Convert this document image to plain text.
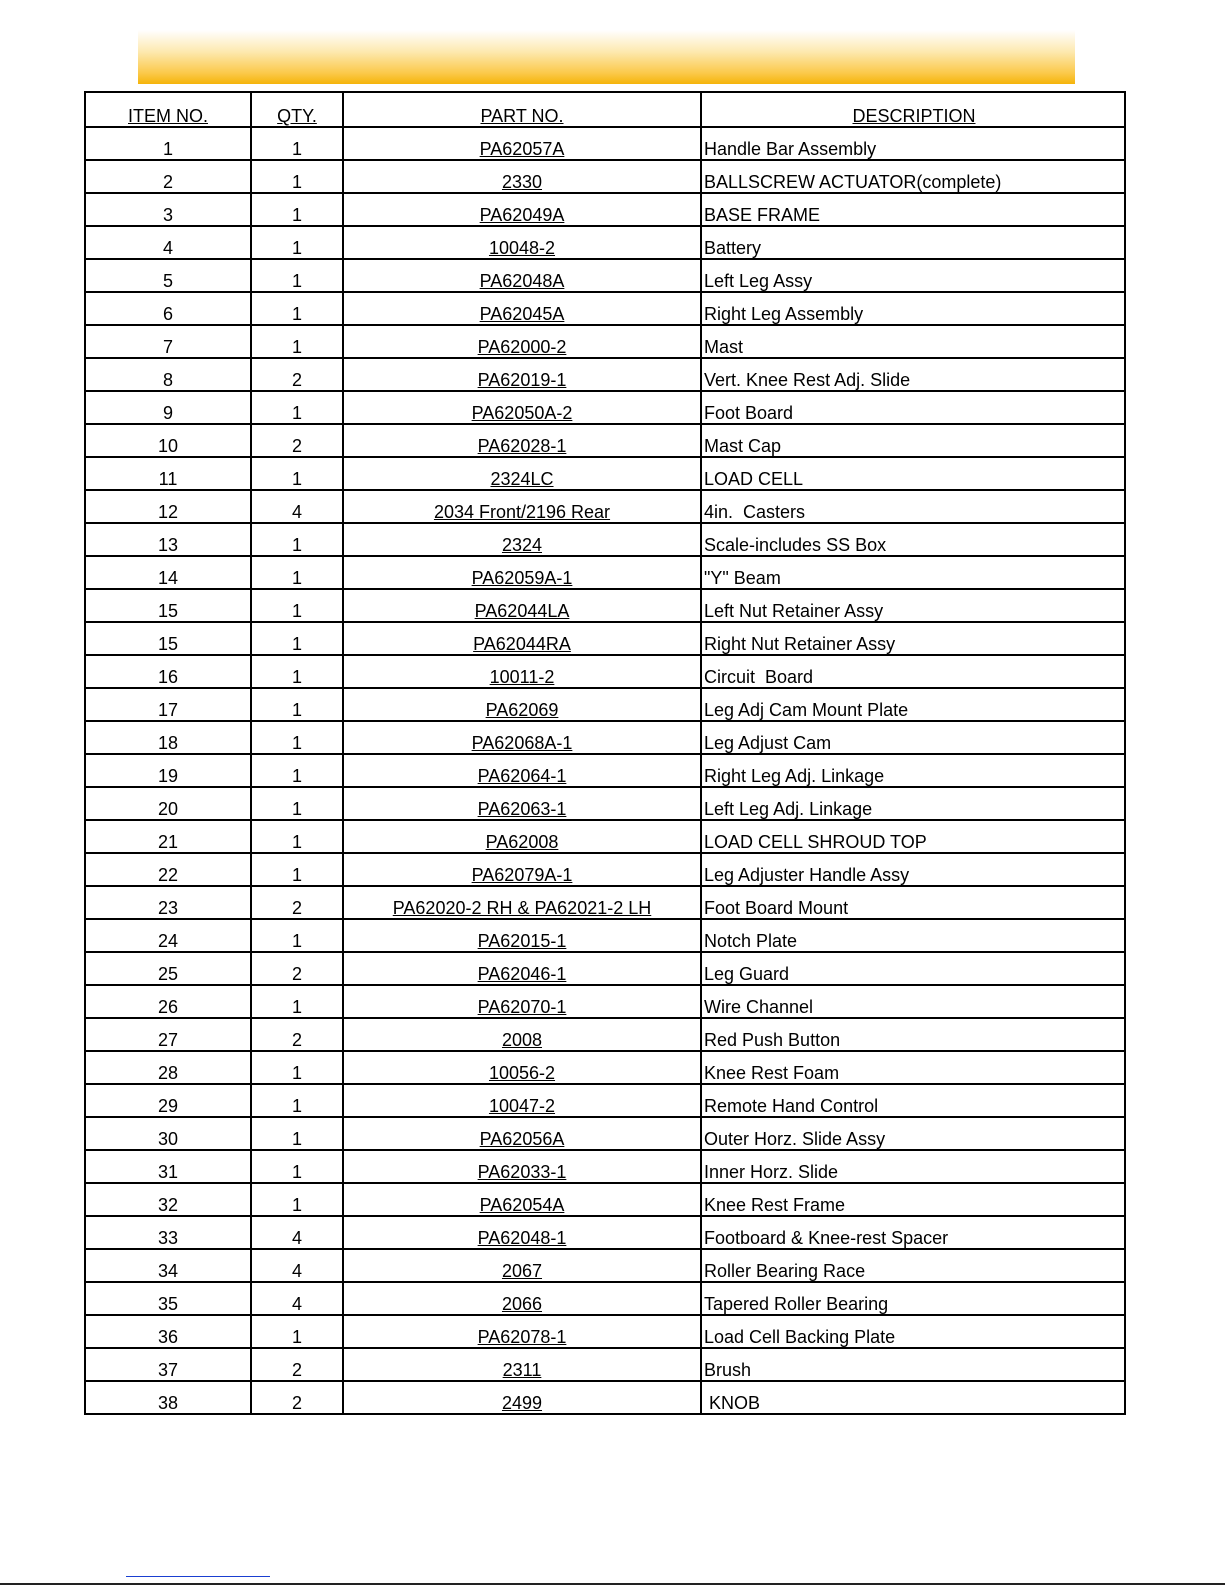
ITEM NO.	QTY.	PART NO.	DESCRIPTION
1	1	PA62057A	Handle Bar Assembly
2	1	2330	BALLSCREW ACTUATOR(complete)
3	1	PA62049A	BASE FRAME
4	1	10048-2	Battery
5	1	PA62048A	Left Leg Assy
6	1	PA62045A	Right Leg Assembly
7	1	PA62000-2	Mast
8	2	PA62019-1	Vert. Knee Rest Adj. Slide
9	1	PA62050A-2	Foot Board
10	2	PA62028-1	Mast Cap
11	1	2324LC	LOAD CELL
12	4	2034 Front/2196 Rear	4in.  Casters
13	1	2324	Scale-includes SS Box
14	1	PA62059A-1	"Y" Beam
15	1	PA62044LA	Left Nut Retainer Assy
15	1	PA62044RA	Right Nut Retainer Assy
16	1	10011-2	Circuit  Board
17	1	PA62069	Leg Adj Cam Mount Plate
18	1	PA62068A-1	Leg Adjust Cam
19	1	PA62064-1	Right Leg Adj. Linkage
20	1	PA62063-1	Left Leg Adj. Linkage
21	1	PA62008	LOAD CELL SHROUD TOP
22	1	PA62079A-1	Leg Adjuster Handle Assy
23	2	PA62020-2 RH & PA62021-2 LH	Foot Board Mount
24	1	PA62015-1	Notch Plate
25	2	PA62046-1	Leg Guard
26	1	PA62070-1	Wire Channel
27	2	2008	Red Push Button
28	1	10056-2	Knee Rest Foam
29	1	10047-2	Remote Hand Control
30	1	PA62056A	Outer Horz. Slide Assy
31	1	PA62033-1	Inner Horz. Slide
32	1	PA62054A	Knee Rest Frame
33	4	PA62048-1	Footboard & Knee-rest Spacer
34	4	2067	Roller Bearing Race
35	4	2066	Tapered Roller Bearing
36	1	PA62078-1	Load Cell Backing Plate
37	2	2311	Brush
38	2	2499	KNOB
